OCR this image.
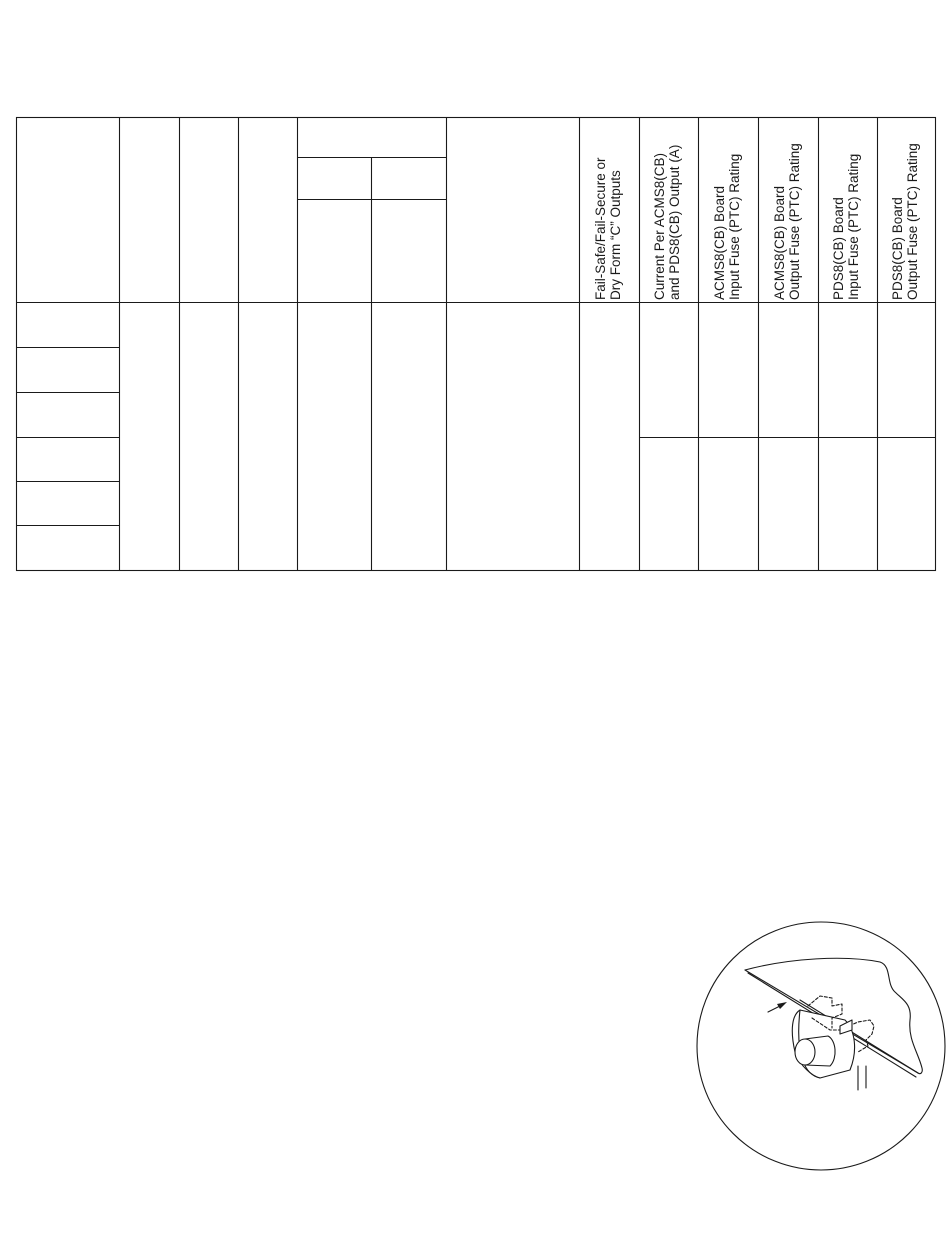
Fail-Safe/Fail-Secure or Dry Form “C” Outputs Current Per ACMS8(CB) and PDS8(CB) Output (A) ACMS8(CB) Board Input Fuse (PTC) Rating ACMS8(CB) Board Output Fuse (PTC) Rating PDS8(CB) Board Input Fuse (PTC) Rating PDS8(CB) Board Output Fuse (PTC) Rating
